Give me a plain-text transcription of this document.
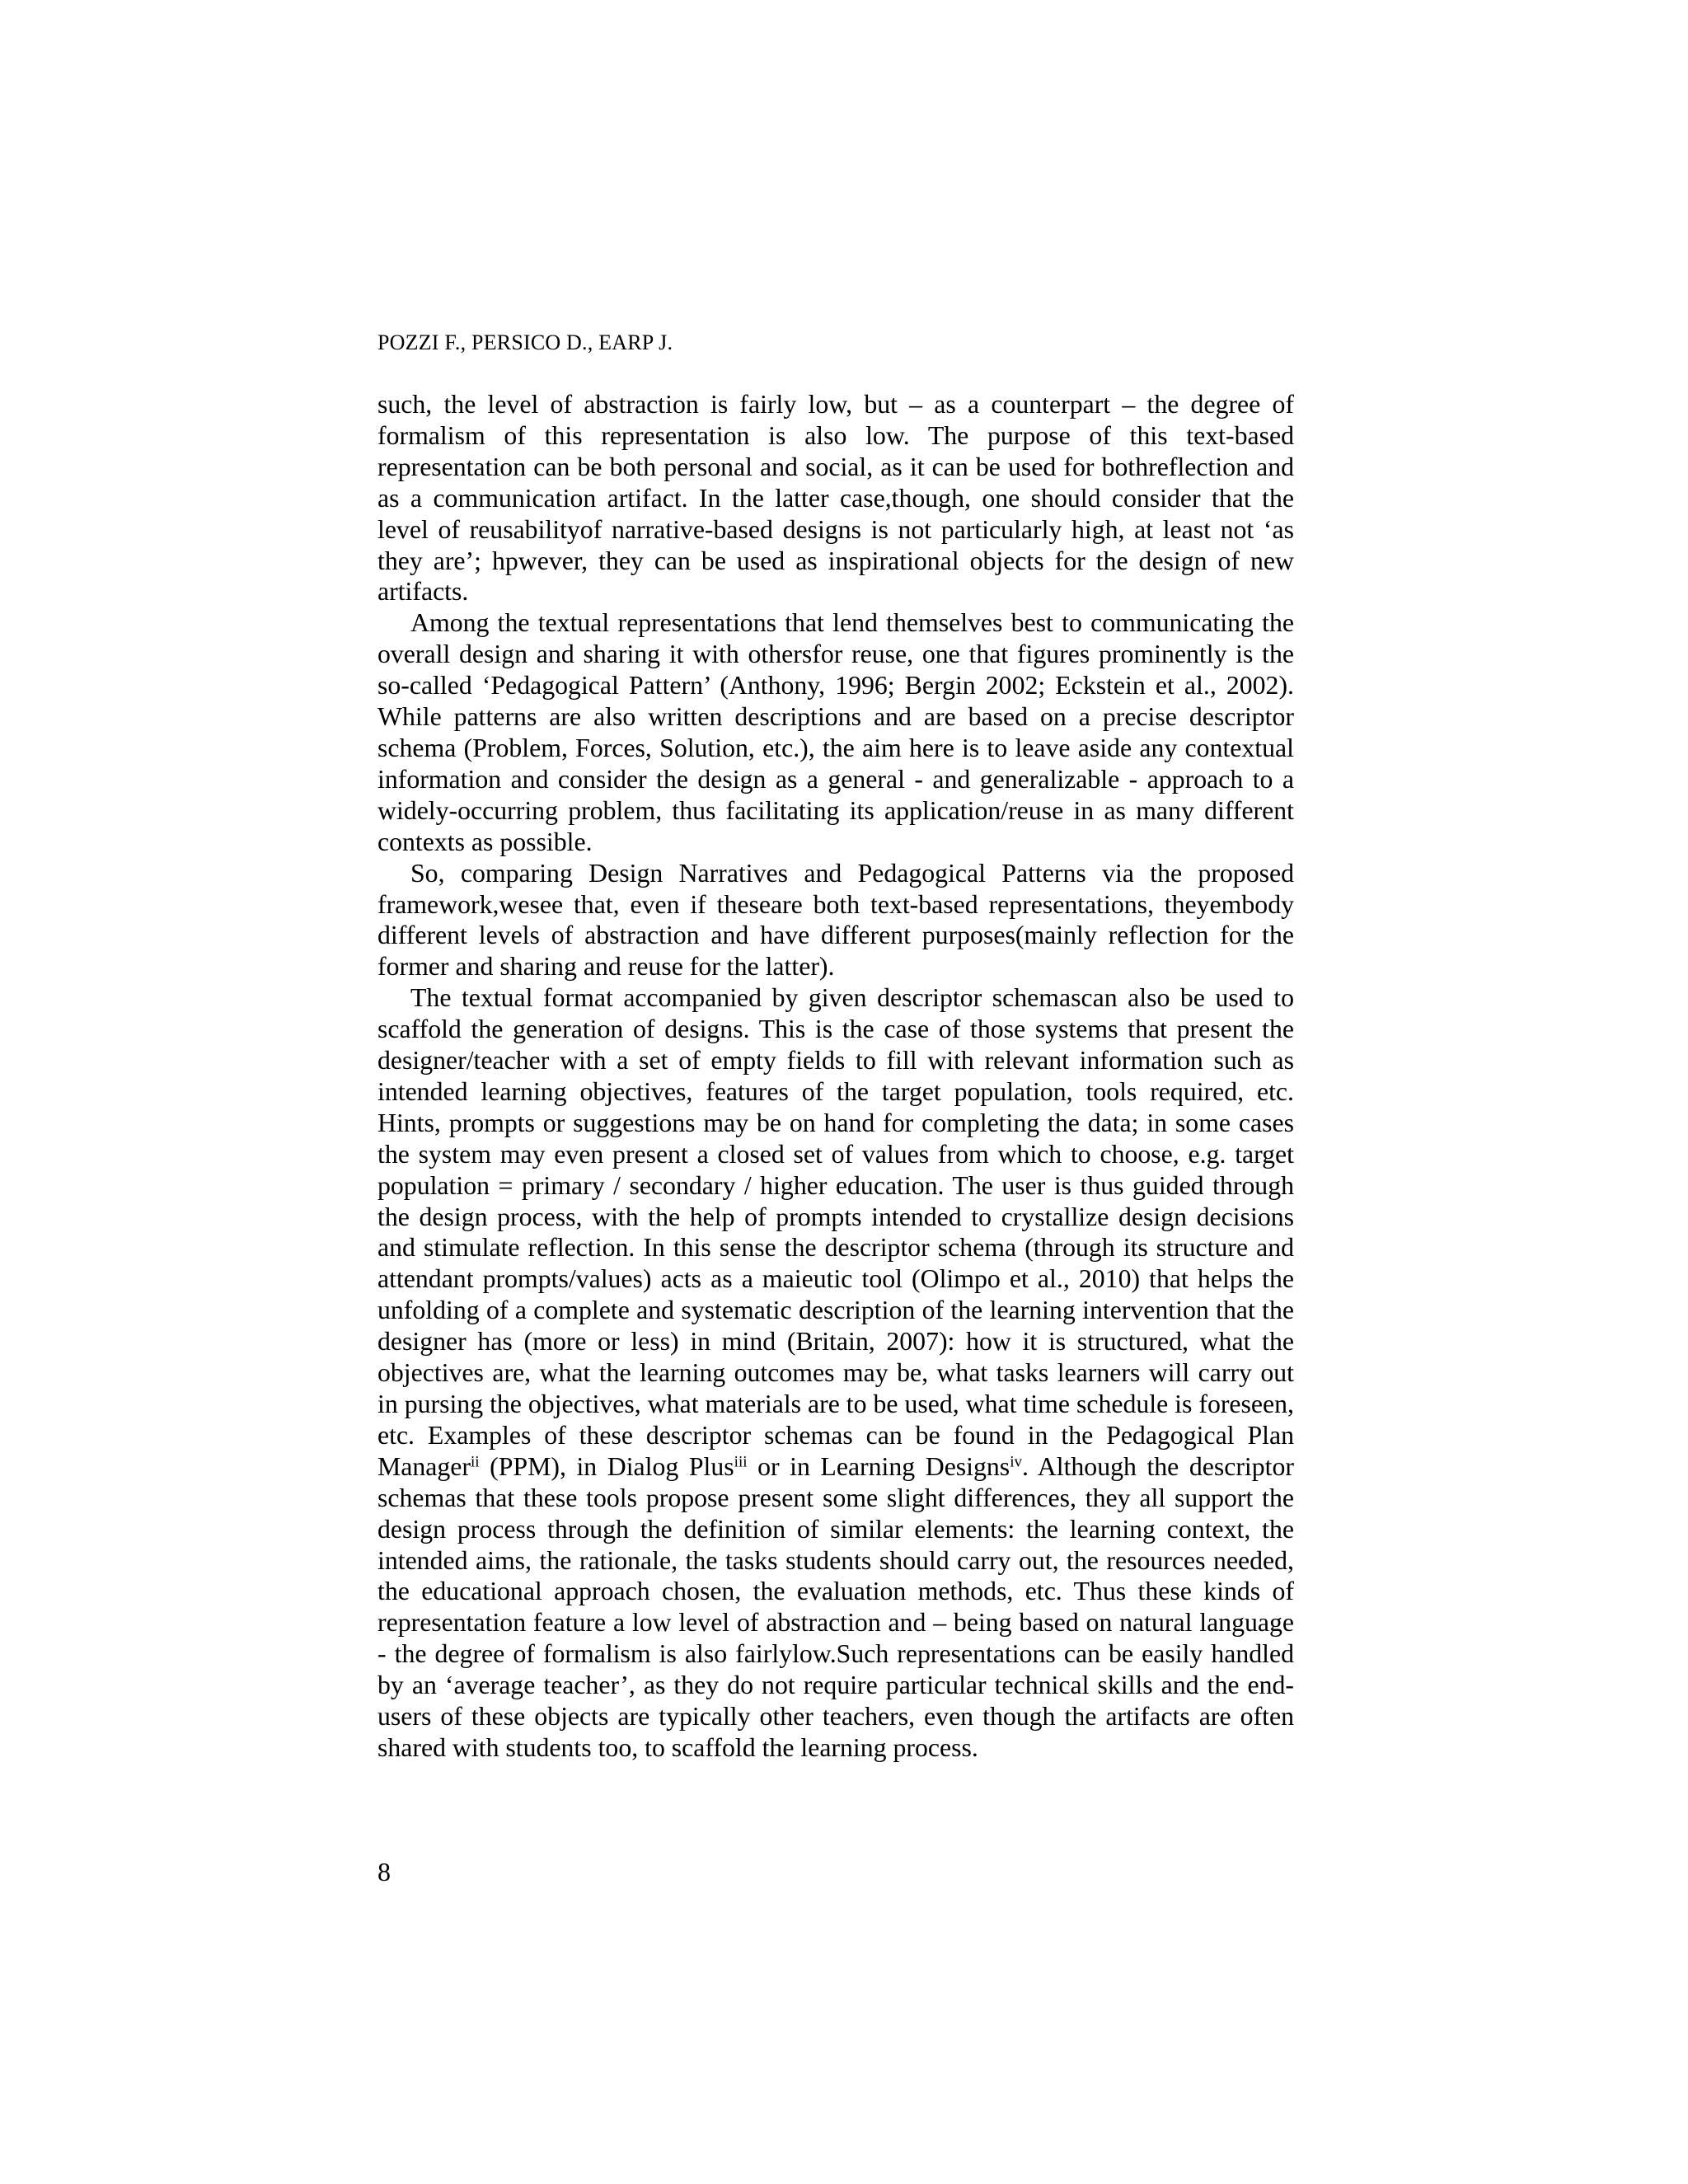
POZZI F., PERSICO D., EARP J.

such, the level of abstraction is fairly low, but – as a counterpart – the degree of formalism of this representation is also low. The purpose of this text-based representation can be both personal and social, as it can be used for bothreflection and as a communication artifact. In the latter case,though, one should consider that the level of reusabilityof narrative-based designs is not particularly high, at least not ‘as they are’; hpwever, they can be used as inspirational objects for the design of new artifacts.

Among the textual representations that lend themselves best to communicating the overall design and sharing it with othersfor reuse, one that figures prominently is the so-called ‘Pedagogical Pattern’ (Anthony, 1996; Bergin 2002; Eckstein et al., 2002). While patterns are also written descriptions and are based on a precise descriptor schema (Problem, Forces, Solution, etc.), the aim here is to leave aside any contextual information and consider the design as a general - and generalizable - approach to a widely-occurring problem, thus facilitating its application/reuse in as many different contexts as possible.

So, comparing Design Narratives and Pedagogical Patterns via the proposed framework,wesee that, even if theseare both text-based representations, theyembody different levels of abstraction and have different purposes(mainly reflection for the former and sharing and reuse for the latter).

The textual format accompanied by given descriptor schemascan also be used to scaffold the generation of designs. This is the case of those systems that present the designer/teacher with a set of empty fields to fill with relevant information such as intended learning objectives, features of the target population, tools required, etc. Hints, prompts or suggestions may be on hand for completing the data; in some cases the system may even present a closed set of values from which to choose, e.g. target population = primary / secondary / higher education. The user is thus guided through the design process, with the help of prompts intended to crystallize design decisions and stimulate reflection. In this sense the descriptor schema (through its structure and attendant prompts/values) acts as a maieutic tool (Olimpo et al., 2010) that helps the unfolding of a complete and systematic description of the learning intervention that the designer has (more or less) in mind (Britain, 2007): how it is structured, what the objectives are, what the learning outcomes may be, what tasks learners will carry out in pursing the objectives, what materials are to be used, what time schedule is foreseen, etc. Examples of these descriptor schemas can be found in the Pedagogical Plan Manager$^{ii}$ (PPM), in Dialog Plus$^{iii}$ or in Learning Designs$^{iv}$. Although the descriptor schemas that these tools propose present some slight differences, they all support the design process through the definition of similar elements: the learning context, the intended aims, the rationale, the tasks students should carry out, the resources needed, the educational approach chosen, the evaluation methods, etc. Thus these kinds of representation feature a low level of abstraction and – being based on natural language - the degree of formalism is also fairlylow.Such representations can be easily handled by an ‘average teacher’, as they do not require particular technical skills and the end-users of these objects are typically other teachers, even though the artifacts are often shared with students too, to scaffold the learning process.

8
